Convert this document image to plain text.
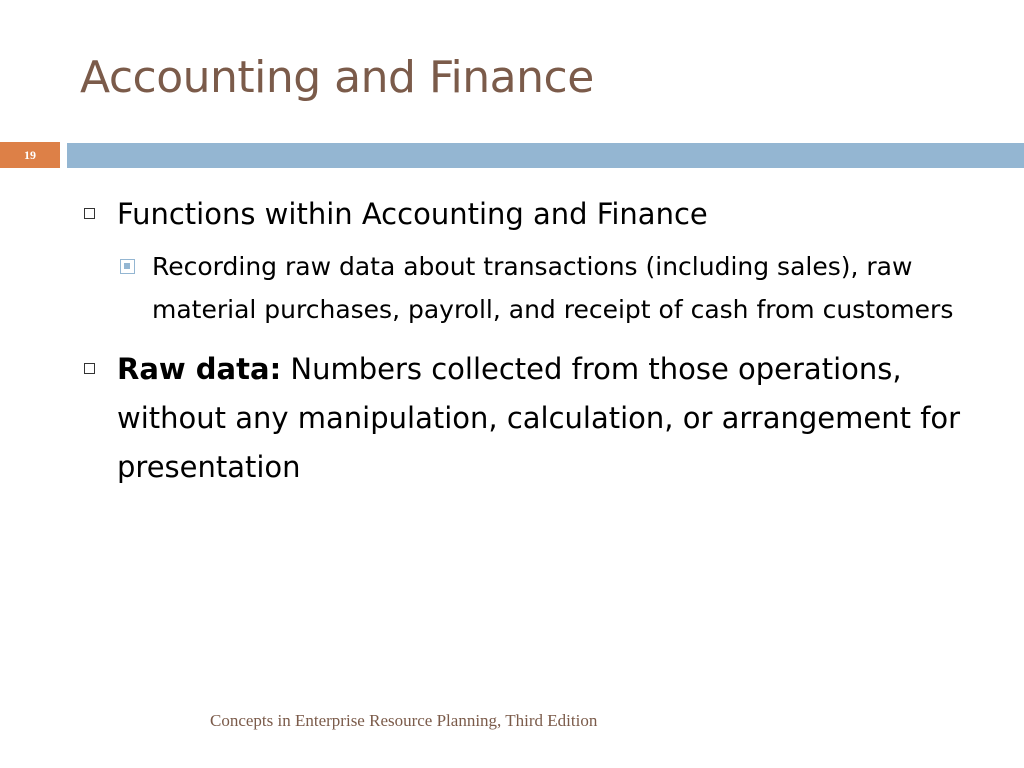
Accounting and Finance
19
Functions within Accounting and Finance
Recording raw data about transactions (including sales), raw material purchases, payroll, and receipt of cash from customers
Raw data: Numbers collected from those operations, without any manipulation, calculation, or arrangement for presentation
Concepts in Enterprise Resource Planning, Third Edition
